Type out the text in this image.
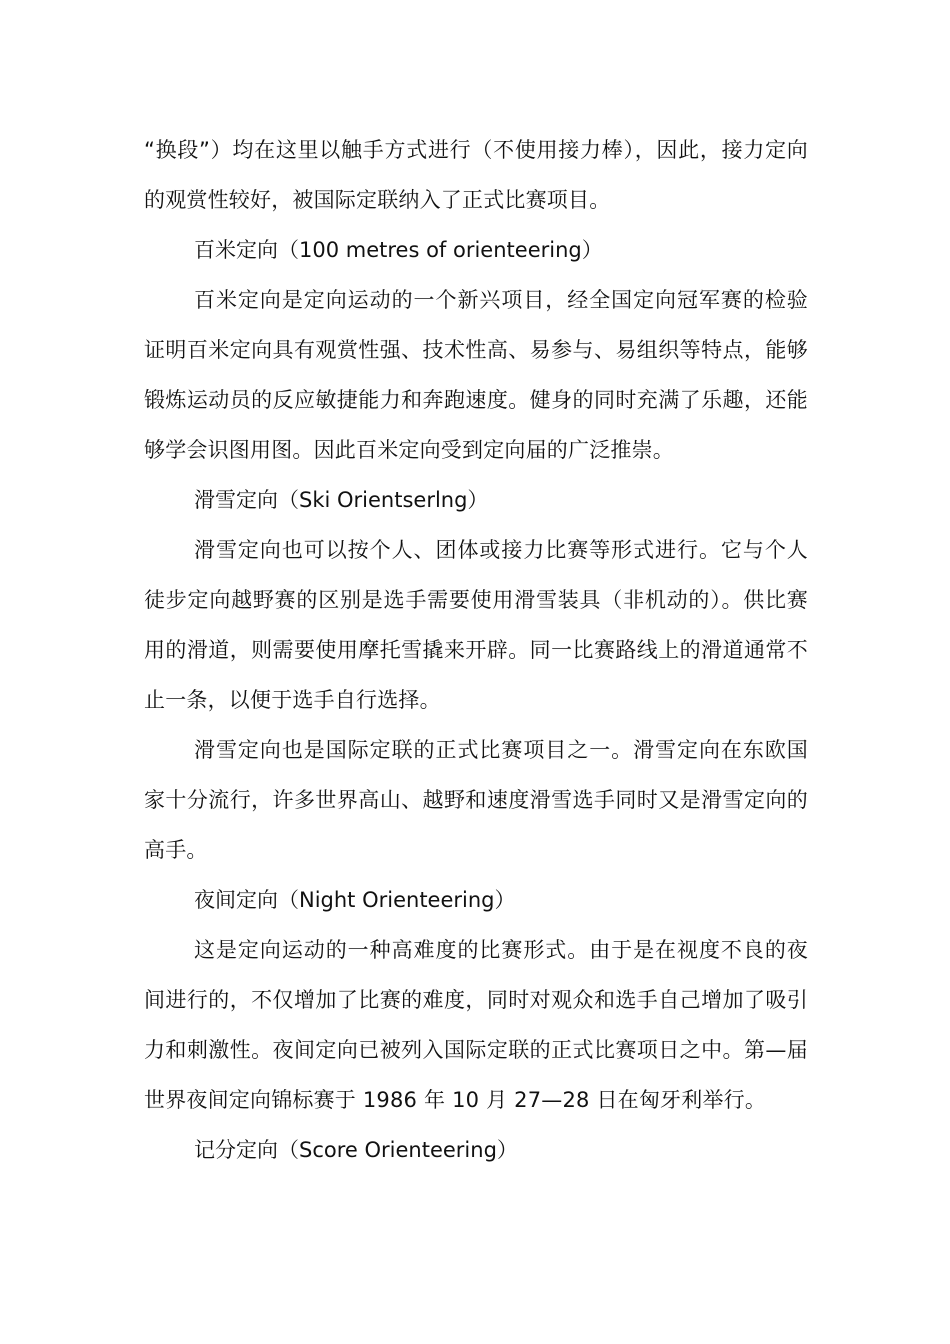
“换段”）均在这里以触手方式进行（不使用接力棒），因此，接力定向的观赏性较好，被国际定联纳入了正式比赛项目。

百米定向（100 metres of orienteering）

百米定向是定向运动的一个新兴项目，经全国定向冠军赛的检验证明百米定向具有观赏性强、技术性高、易参与、易组织等特点，能够锻炼运动员的反应敏捷能力和奔跑速度。健身的同时充满了乐趣，还能够学会识图用图。因此百米定向受到定向届的广泛推崇。

滑雪定向（Ski Orientserlng）

滑雪定向也可以按个人、团体或接力比赛等形式进行。它与个人徒步定向越野赛的区别是选手需要使用滑雪装具（非机动的）。供比赛用的滑道，则需要使用摩托雪撬来开辟。同一比赛路线上的滑道通常不止一条，以便于选手自行选择。

滑雪定向也是国际定联的正式比赛项目之一。滑雪定向在东欧国家十分流行，许多世界高山、越野和速度滑雪选手同时又是滑雪定向的高手。

夜间定向（Night Orienteering）

这是定向运动的一种高难度的比赛形式。由于是在视度不良的夜间进行的，不仅增加了比赛的难度，同时对观众和选手自己增加了吸引力和刺激性。夜间定向已被列入国际定联的正式比赛项日之中。第—届世界夜间定向锦标赛于 1986 年 10 月 27—28 日在匈牙利举行。

记分定向（Score Orienteering）
